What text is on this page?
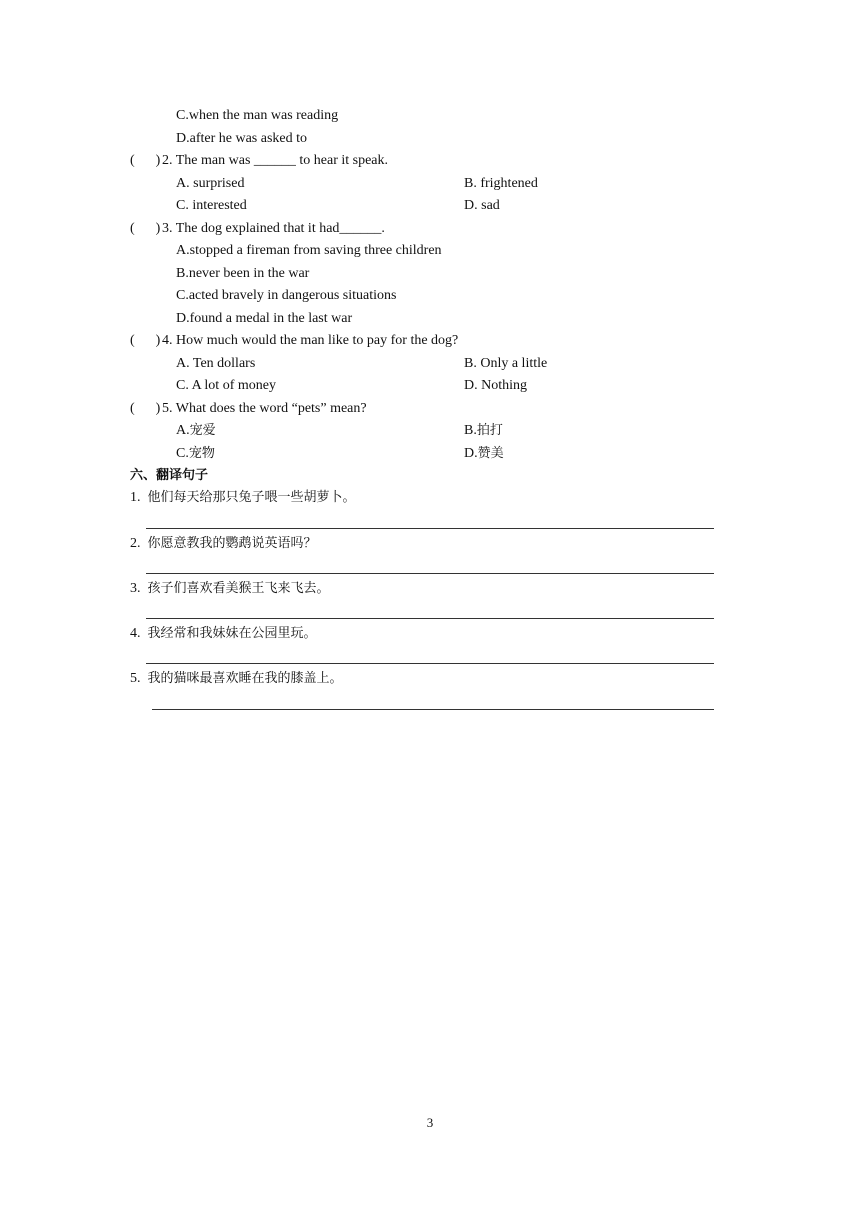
C.when the man was reading
D.after he was asked to
(      ) 2. The man was ______ to hear it speak.
A. surprised	B. frightened
C. interested	D. sad
(      ) 3. The dog explained that it had______.
A.stopped a fireman from saving three children
B.never been in the war
C.acted bravely in dangerous situations
D.found a medal in the last war
(      ) 4. How much would the man like to pay for the dog?
A. Ten dollars	B. Only a little
C. A lot of money	D. Nothing
(      ) 5. What does the word “pets” mean?
A.宠爱	B.拍打
C.宠物	D.赞美
六、翻译句子
1. 他们每天给那只兔子喂一些胡萝卜。
2. 你愿意教我的鹦鹉说英语吗？
3. 孩子们喜欢看美猴王飞来飞去。
4. 我经常和我妹妹在公园里玩。
5. 我的猫咪最喜欢睡在我的膝盖上。
3
